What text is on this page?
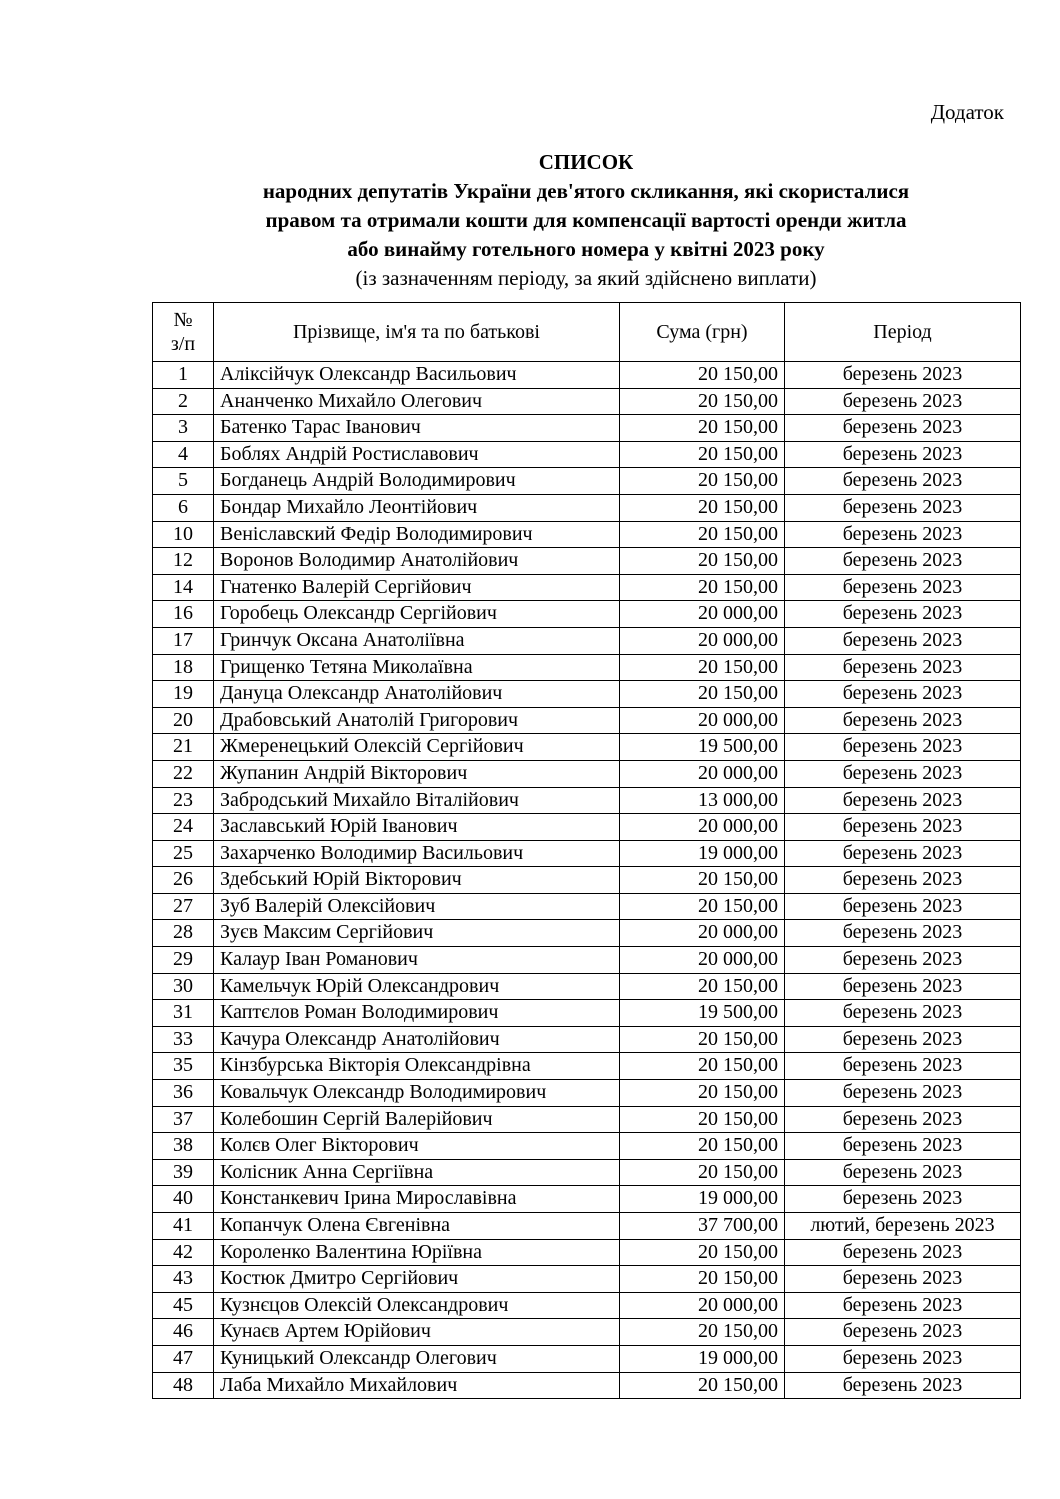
Додаток
СПИСОК
народних депутатів України дев'ятого скликання, які скористалися
правом та отримали кошти для компенсації вартості оренди житла
або винайму готельного номера у квітні 2023 року
(із зазначенням періоду, за який здійснено виплати)
№
з/п	Прізвище, ім'я та по батькові	Сума (грн)	Період
1	Аліксійчук Олександр Васильович	20 150,00	березень 2023
2	Ананченко Михайло Олегович	20 150,00	березень 2023
3	Батенко Тарас Іванович	20 150,00	березень 2023
4	Боблях Андрій Ростиславович	20 150,00	березень 2023
5	Богданець Андрій Володимирович	20 150,00	березень 2023
6	Бондар Михайло Леонтійович	20 150,00	березень 2023
10	Веніславский Федір Володимирович	20 150,00	березень 2023
12	Воронов Володимир Анатолійович	20 150,00	березень 2023
14	Гнатенко Валерій Сергійович	20 150,00	березень 2023
16	Горобець Олександр Сергійович	20 000,00	березень 2023
17	Гринчук Оксана Анатоліївна	20 000,00	березень 2023
18	Грищенко Тетяна Миколаївна	20 150,00	березень 2023
19	Дануца Олександр Анатолійович	20 150,00	березень 2023
20	Драбовський Анатолій Григорович	20 000,00	березень 2023
21	Жмеренецький Олексій Сергійович	19 500,00	березень 2023
22	Жупанин Андрій Вікторович	20 000,00	березень 2023
23	Забродський Михайло Віталійович	13 000,00	березень 2023
24	Заславський Юрій Іванович	20 000,00	березень 2023
25	Захарченко Володимир Васильович	19 000,00	березень 2023
26	Здебський Юрій Вікторович	20 150,00	березень 2023
27	Зуб Валерій Олексійович	20 150,00	березень 2023
28	Зуєв Максим Сергійович	20 000,00	березень 2023
29	Калаур Іван Романович	20 000,00	березень 2023
30	Камельчук Юрій Олександрович	20 150,00	березень 2023
31	Каптєлов Роман Володимирович	19 500,00	березень 2023
33	Качура Олександр Анатолійович	20 150,00	березень 2023
35	Кінзбурська Вікторія Олександрівна	20 150,00	березень 2023
36	Ковальчук Олександр Володимирович	20 150,00	березень 2023
37	Колебошин Сергій Валерійович	20 150,00	березень 2023
38	Колєв Олег Вікторович	20 150,00	березень 2023
39	Колісник Анна Сергіївна	20 150,00	березень 2023
40	Констанкевич Ірина Мирославівна	19 000,00	березень 2023
41	Копанчук Олена Євгенівна	37 700,00	лютий, березень 2023
42	Короленко Валентина Юріївна	20 150,00	березень 2023
43	Костюк Дмитро Сергійович	20 150,00	березень 2023
45	Кузнєцов Олексій Олександрович	20 000,00	березень 2023
46	Кунаєв Артем Юрійович	20 150,00	березень 2023
47	Куницький Олександр Олегович	19 000,00	березень 2023
48	Лаба Михайло Михайлович	20 150,00	березень 2023
